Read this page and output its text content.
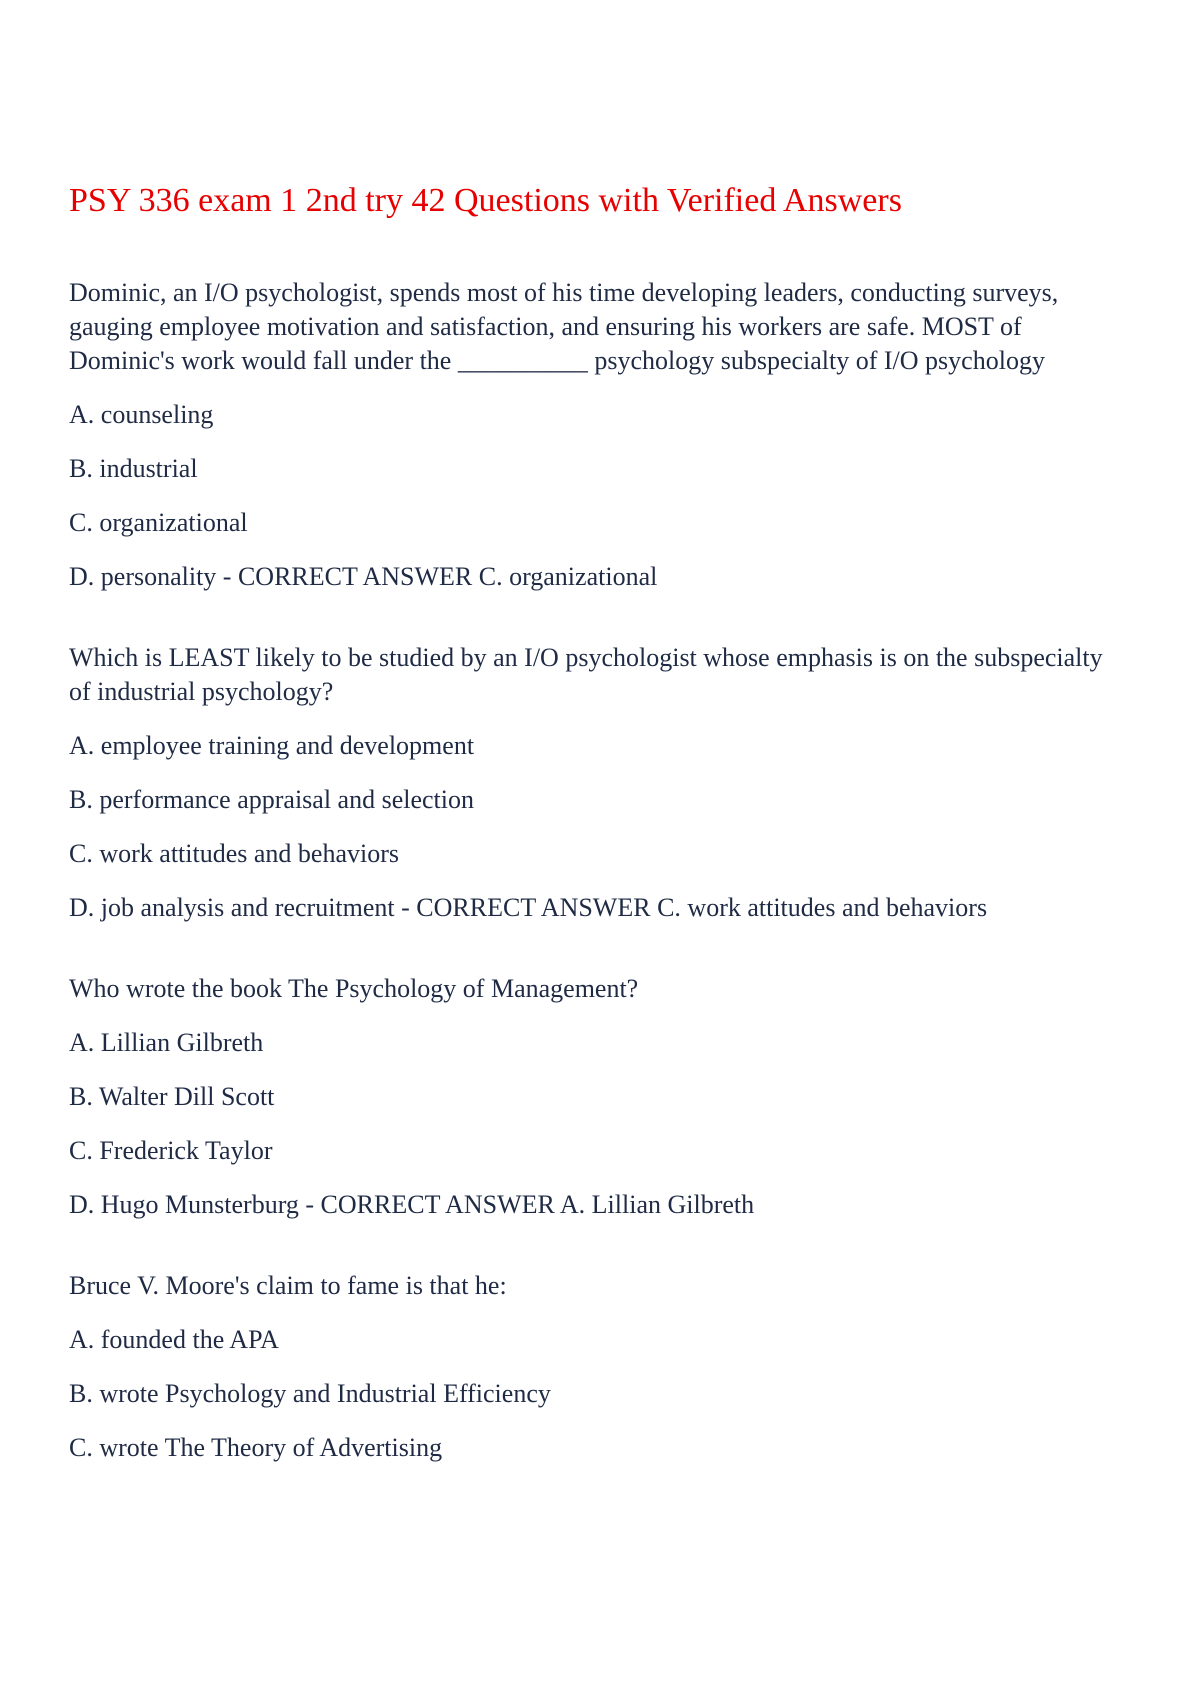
PSY 336 exam 1 2nd try 42 Questions with Verified Answers

Dominic, an I/O psychologist, spends most of his time developing leaders, conducting surveys, gauging employee motivation and satisfaction, and ensuring his workers are safe. MOST of Dominic's work would fall under the __________ psychology subspecialty of I/O psychology

A. counseling

B. industrial

C. organizational

D. personality - CORRECT ANSWER C. organizational

Which is LEAST likely to be studied by an I/O psychologist whose emphasis is on the subspecialty of industrial psychology?

A. employee training and development

B. performance appraisal and selection

C. work attitudes and behaviors

D. job analysis and recruitment - CORRECT ANSWER C. work attitudes and behaviors

Who wrote the book The Psychology of Management?

A. Lillian Gilbreth

B. Walter Dill Scott

C. Frederick Taylor

D. Hugo Munsterburg - CORRECT ANSWER A. Lillian Gilbreth

Bruce V. Moore's claim to fame is that he:

A. founded the APA

B. wrote Psychology and Industrial Efficiency

C. wrote The Theory of Advertising
